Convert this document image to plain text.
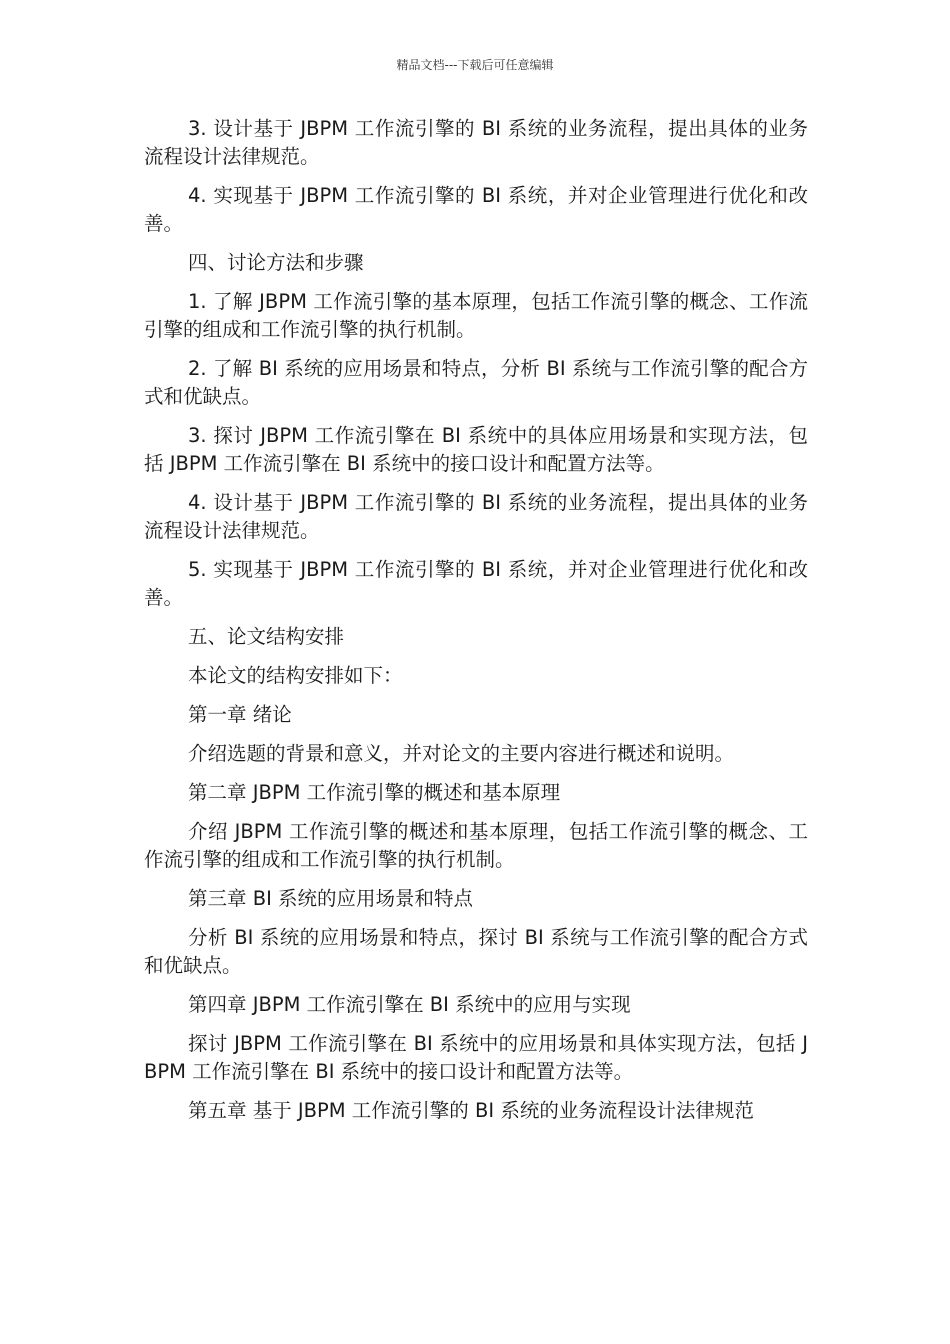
精品文档---下载后可任意编辑

3. 设计基于 JBPM 工作流引擎的 BI 系统的业务流程，提出具体的业务流程设计法律规范。

4. 实现基于 JBPM 工作流引擎的 BI 系统，并对企业管理进行优化和改善。

四、讨论方法和步骤

1. 了解 JBPM 工作流引擎的基本原理，包括工作流引擎的概念、工作流引擎的组成和工作流引擎的执行机制。

2. 了解 BI 系统的应用场景和特点，分析 BI 系统与工作流引擎的配合方式和优缺点。

3. 探讨 JBPM 工作流引擎在 BI 系统中的具体应用场景和实现方法，包括 JBPM 工作流引擎在 BI 系统中的接口设计和配置方法等。

4. 设计基于 JBPM 工作流引擎的 BI 系统的业务流程，提出具体的业务流程设计法律规范。

5. 实现基于 JBPM 工作流引擎的 BI 系统，并对企业管理进行优化和改善。

五、论文结构安排

本论文的结构安排如下：

第一章 绪论

介绍选题的背景和意义，并对论文的主要内容进行概述和说明。

第二章 JBPM 工作流引擎的概述和基本原理

介绍 JBPM 工作流引擎的概述和基本原理，包括工作流引擎的概念、工作流引擎的组成和工作流引擎的执行机制。

第三章 BI 系统的应用场景和特点

分析 BI 系统的应用场景和特点，探讨 BI 系统与工作流引擎的配合方式和优缺点。

第四章 JBPM 工作流引擎在 BI 系统中的应用与实现

探讨 JBPM 工作流引擎在 BI 系统中的应用场景和具体实现方法，包括 JBPM 工作流引擎在 BI 系统中的接口设计和配置方法等。

第五章 基于 JBPM 工作流引擎的 BI 系统的业务流程设计法律规范
